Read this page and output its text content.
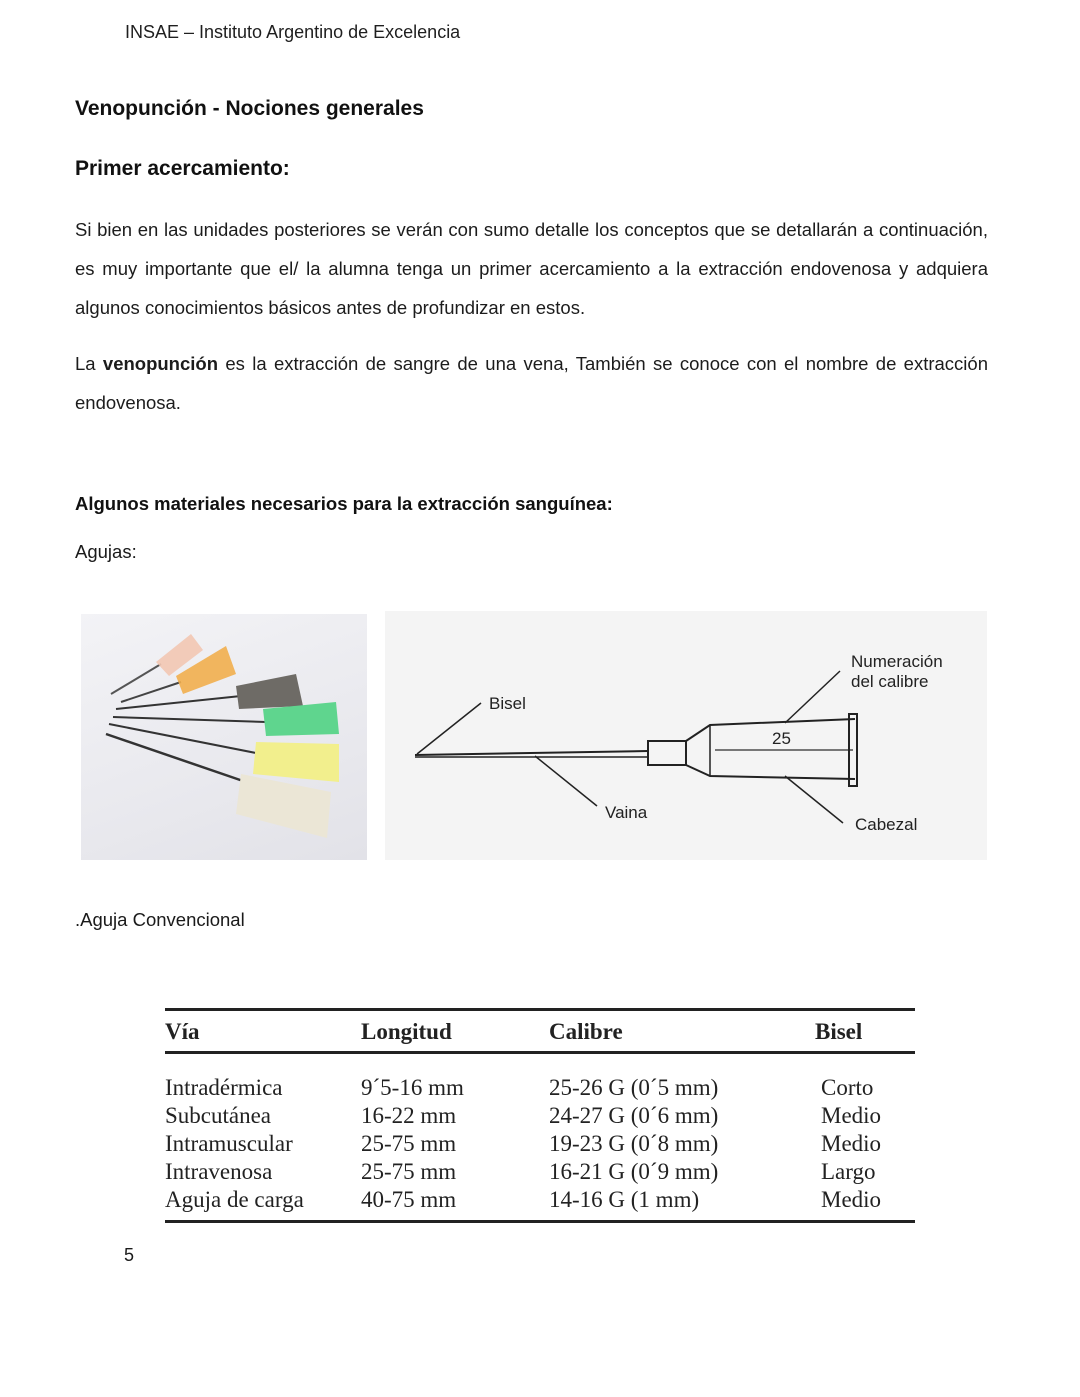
INSAE – Instituto Argentino de Excelencia
Venopunción - Nociones generales
Primer acercamiento:
Si bien en las unidades posteriores se verán con sumo detalle los conceptos que se detallarán a continuación, es muy importante que el/ la alumna tenga un primer acercamiento a la extracción endovenosa y adquiera algunos conocimientos básicos antes de profundizar en estos.
La venopunción es la extracción de sangre de una vena, También se conoce con el nombre de extracción endovenosa.
Algunos materiales necesarios para la extracción sanguínea:
Agujas:
25
Bisel
Numeración
del calibre
Vaina
Cabezal
.Aguja Convencional
Vía	Longitud	Calibre	Bisel
Intradérmica	9´5-16 mm	25-26 G (0´5 mm)	Corto
Subcutánea	16-22 mm	24-27 G (0´6 mm)	Medio
Intramuscular	25-75 mm	19-23 G (0´8 mm)	Medio
Intravenosa	25-75 mm	16-21 G (0´9 mm)	Largo
Aguja de carga	40-75 mm	14-16 G (1 mm)	Medio
5
